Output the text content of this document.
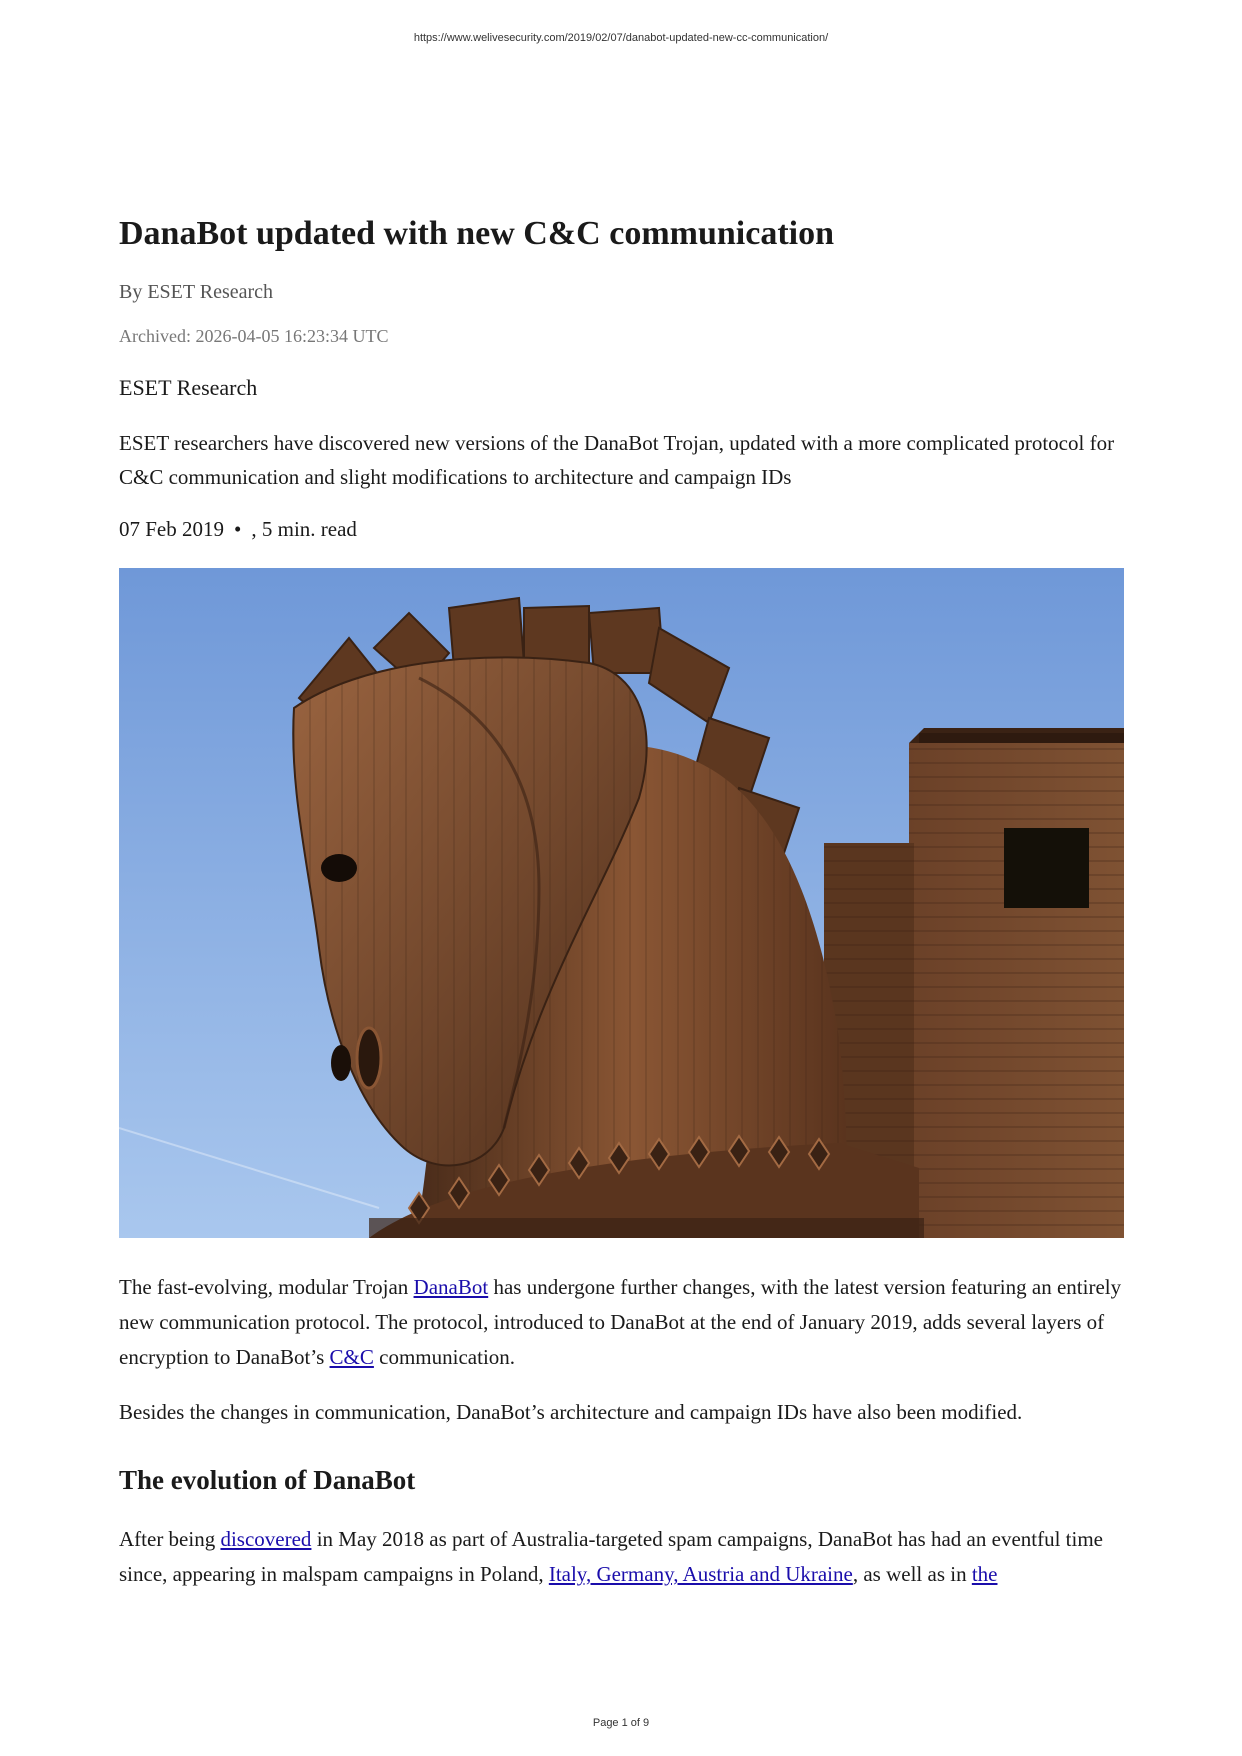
https://www.welivesecurity.com/2019/02/07/danabot-updated-new-cc-communication/
DanaBot updated with new C&C communication
By ESET Research
Archived: 2026-04-05 16:23:34 UTC
ESET Research
ESET researchers have discovered new versions of the DanaBot Trojan, updated with a more complicated protocol for C&C communication and slight modifications to architecture and campaign IDs
07 Feb 2019 • , 5 min. read

The fast-evolving, modular Trojan DanaBot has undergone further changes, with the latest version featuring an entirely new communication protocol. The protocol, introduced to DanaBot at the end of January 2019, adds several layers of encryption to DanaBot’s C&C communication.

Besides the changes in communication, DanaBot’s architecture and campaign IDs have also been modified.

The evolution of DanaBot

After being discovered in May 2018 as part of Australia-targeted spam campaigns, DanaBot has had an eventful time since, appearing in malspam campaigns in Poland, Italy, Germany, Austria and Ukraine, as well as in the

Page 1 of 9
